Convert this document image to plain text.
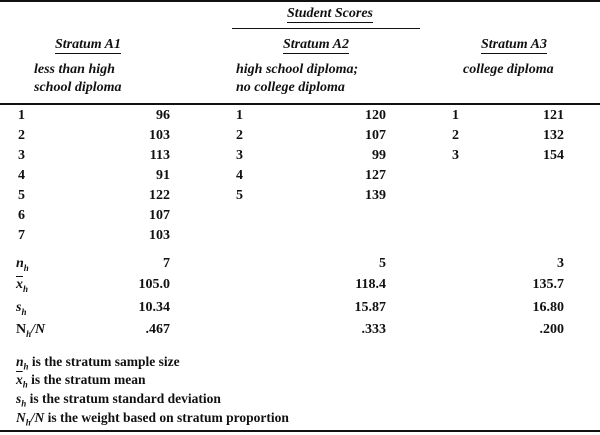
Student Scores
Stratum A1
less than high
school diploma
Stratum A2
high school diploma;
no college diploma
Stratum A3
college diploma
1	96	1	120	1	121
2	103	2	107	2	132
3	113	3	99	3	154
4	91	4	127
5	122	5	139
6	107
7	103
$n_h$	7	5	3
$\overline{x}_h$	105.0	118.4	135.7
$s_h$	10.34	15.87	16.80
$N_h/N$	.467	.333	.200
$n_h$ is the stratum sample size
$\overline{x}_h$ is the stratum mean
$s_h$ is the stratum standard deviation
$N_h/N$ is the weight based on stratum proportion
